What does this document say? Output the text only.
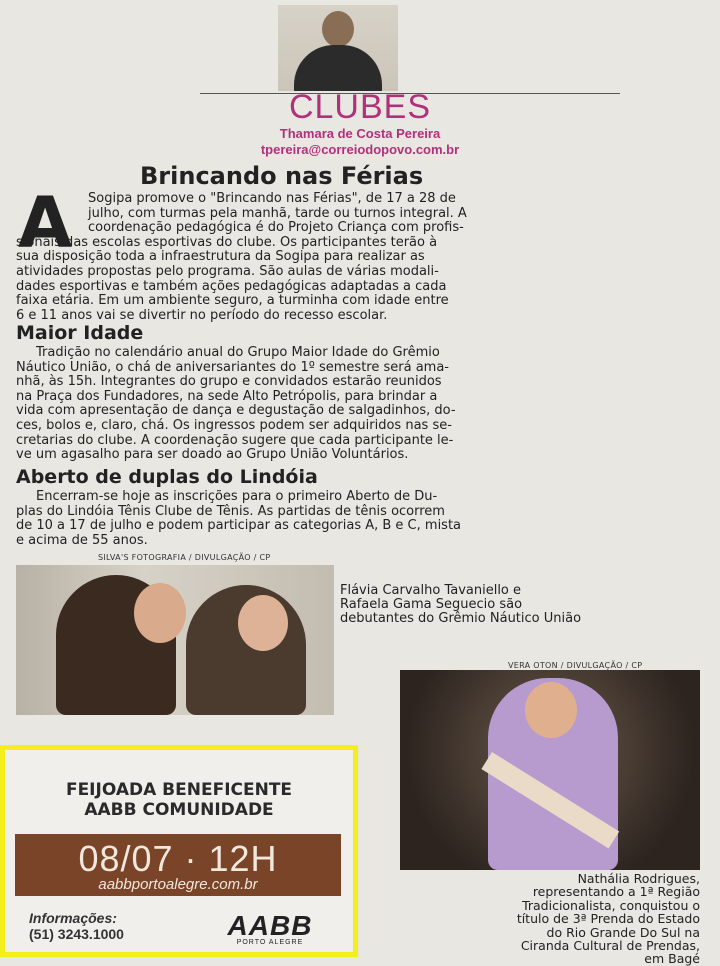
CLUBES
Thamara de Costa Pereira
tpereira@correiodopovo.com.br
Brincando nas Férias
A	Sogipa promove o "Brincando nas Férias", de 17 a 28 de
julho, com turmas pela manhã, tarde ou turnos integral. A
coordenação pedagógica é do Projeto Criança com profis-
sionais das escolas esportivas do clube. Os participantes terão à
sua disposição toda a infraestrutura da Sogipa para realizar as
atividades propostas pelo programa. São aulas de várias modali-
dades esportivas e também ações pedagógicas adaptadas a cada
faixa etária. Em um ambiente seguro, a turminha com idade entre
6 e 11 anos vai se divertir no período do recesso escolar.
Maior Idade
Tradição no calendário anual do Grupo Maior Idade do Grêmio
Náutico União, o chá de aniversariantes do 1º semestre será ama-
nhã, às 15h. Integrantes do grupo e convidados estarão reunidos
na Praça dos Fundadores, na sede Alto Petrópolis, para brindar a
vida com apresentação de dança e degustação de salgadinhos, do-
ces, bolos e, claro, chá. Os ingressos podem ser adquiridos nas se-
cretarias do clube. A coordenação sugere que cada participante le-
ve um agasalho para ser doado ao Grupo União Voluntários.
Aberto de duplas do Lindóia
Encerram-se hoje as inscrições para o primeiro Aberto de Du-
plas do Lindóia Tênis Clube de Tênis. As partidas de tênis ocorrem
de 10 a 17 de julho e podem participar as categorias A, B e C, mista
e acima de 55 anos.
SILVA'S FOTOGRAFIA / DIVULGAÇÃO / CP
Flávia Carvalho Tavaniello e
Rafaela Gama Seguecio são
debutantes do Grêmio Náutico União
VERA OTON / DIVULGAÇÃO / CP
Nathália Rodrigues,
representando a 1ª Região
Tradicionalista, conquistou o
título de 3ª Prenda do Estado
do Rio Grande Do Sul na
Ciranda Cultural de Prendas,
em Bagé
FEIJOADA BENEFICENTE
AABB COMUNIDADE
08/07 · 12H
aabbportoalegre.com.br
Informações:
(51) 3243.1000	AABB
PORTO ALEGRE
